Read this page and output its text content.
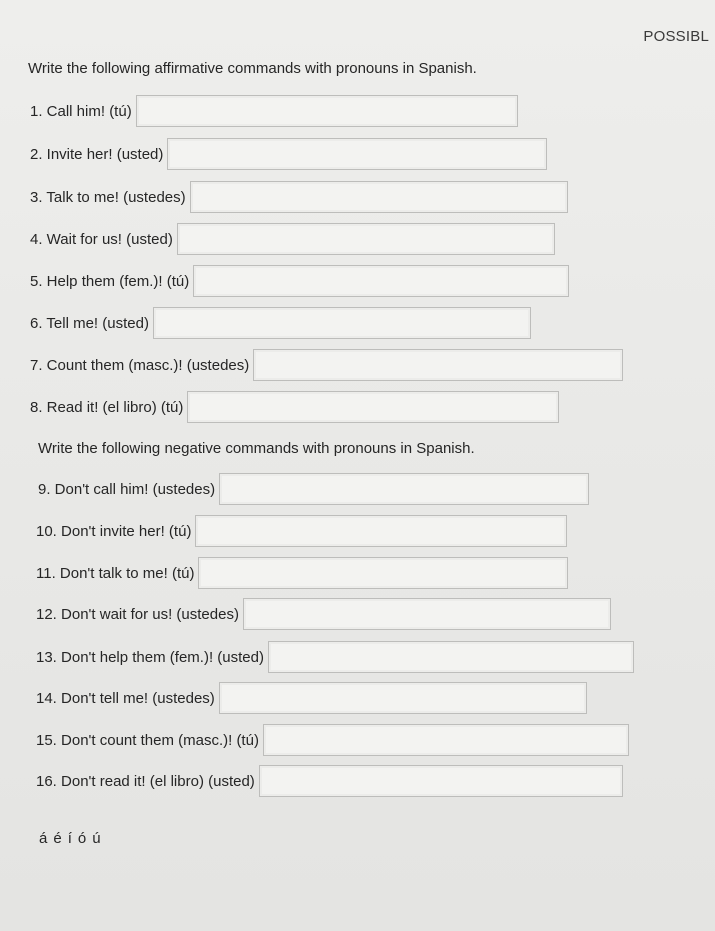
POSSIBL
Write the following affirmative commands with pronouns in Spanish.
1. Call him! (tú)
2. Invite her! (usted)
3. Talk to me! (ustedes)
4. Wait for us! (usted)
5. Help them (fem.)! (tú)
6. Tell me! (usted)
7. Count them (masc.)! (ustedes)
8. Read it! (el libro) (tú)
Write the following negative commands with pronouns in Spanish.
9. Don't call him! (ustedes)
10. Don't invite her! (tú)
11. Don't talk to me! (tú)
12. Don't wait for us! (ustedes)
13. Don't help them (fem.)! (usted)
14. Don't tell me! (ustedes)
15. Don't count them (masc.)! (tú)
16. Don't read it! (el libro) (usted)
á é í ó ú
